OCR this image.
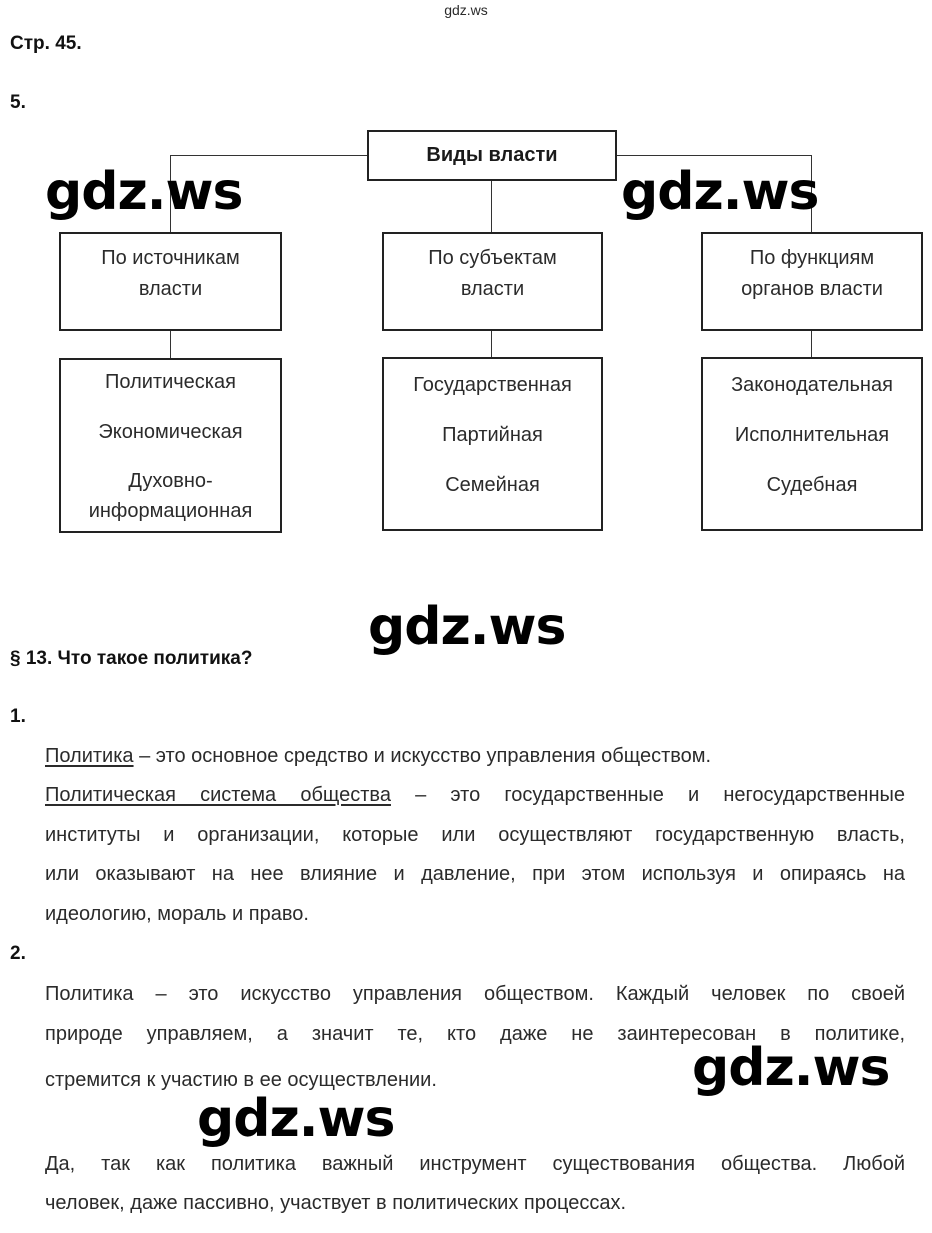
gdz.ws
Стр. 45.
5.
Виды власти
По источникам
власти
По субъектам
власти
По функциям
органов власти
Политическая
Экономическая
Духовно-
информационная
Государственная
Партийная
Семейная
Законодательная
Исполнительная
Судебная
§ 13. Что такое политика?
1.
Политика – это основное средство и искусство управления обществом.
Политическая система общества – это государственные и негосударственные
институты и организации, которые или осуществляют государственную власть,
или оказывают на нее влияние и давление, при этом используя и опираясь на
идеологию, мораль и право.
2.
Политика – это искусство управления обществом. Каждый человек по своей
природе управляем, а значит те, кто даже не заинтересован в политике,
стремится к участию в ее осуществлении.
Да, так как политика важный инструмент существования общества. Любой
человек, даже пассивно, участвует в политических процессах.
gdz.ws	gdz.ws
gdz.ws
gdz.ws
gdz.ws
